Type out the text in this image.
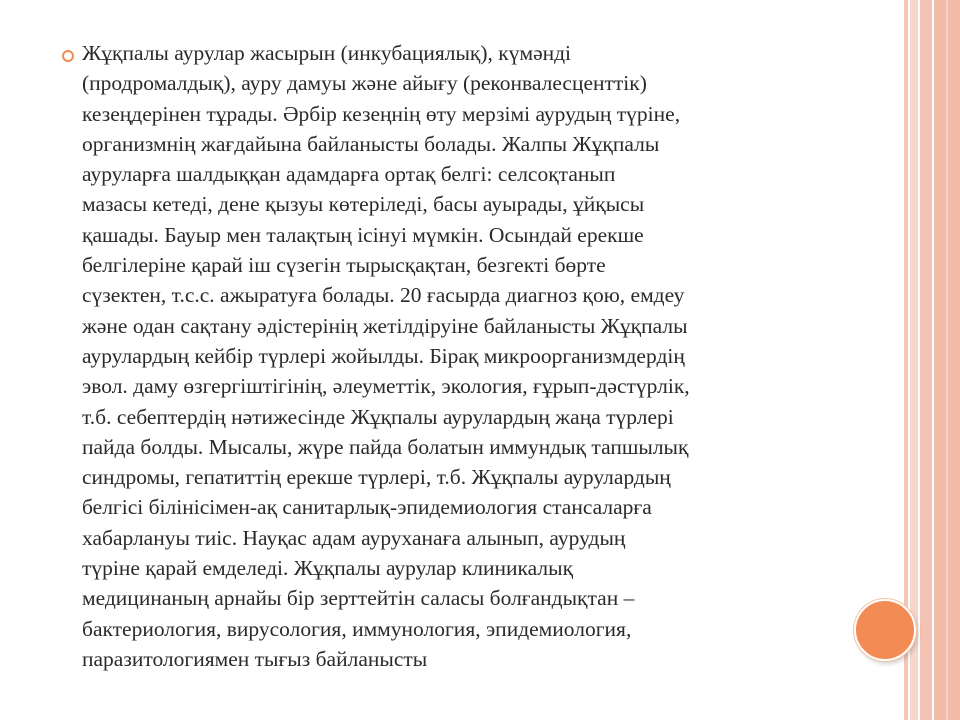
Жұқпалы аурулар жасырын (инкубациялық), күмәнді
(продромалдық), ауру дамуы және айығу (реконвалесценттік)
кезеңдерінен тұрады. Әрбір кезеңнің өту мерзімі аурудың түріне,
организмнің жағдайына байланысты болады. Жалпы Жұқпалы
ауруларға шалдыққан адамдарға ортақ белгі: селсоқтанып
мазасы кетеді, дене қызуы көтеріледі, басы ауырады, ұйқысы
қашады. Бауыр мен талақтың ісінуі мүмкін. Осындай ерекше
белгілеріне қарай іш сүзегін тырысқақтан, безгекті бөрте
сүзектен, т.с.с. ажыратуға болады. 20 ғасырда диагноз қою, емдеу
және одан сақтану әдістерінің жетілдіруіне байланысты Жұқпалы
аурулардың кейбір түрлері жойылды. Бірақ микроорганизмдердің
эвол. даму өзгергіштігінің, әлеуметтік, экология, ғұрып-дәстүрлік,
т.б. себептердің нәтижесінде Жұқпалы аурулардың жаңа түрлері
пайда болды. Мысалы, жүре пайда болатын иммундық тапшылық
синдромы, гепатиттің ерекше түрлері, т.б. Жұқпалы аурулардың
белгісі білінісімен-ақ санитарлық-эпидемиология стансаларға
хабарлануы тиіс. Науқас адам ауруханаға алынып, аурудың
түріне қарай емделеді. Жұқпалы аурулар клиникалық
медицинаның арнайы бір зерттейтін саласы болғандықтан –
бактериология, вирусология, иммунология, эпидемиология,
паразитологиямен тығыз байланысты
